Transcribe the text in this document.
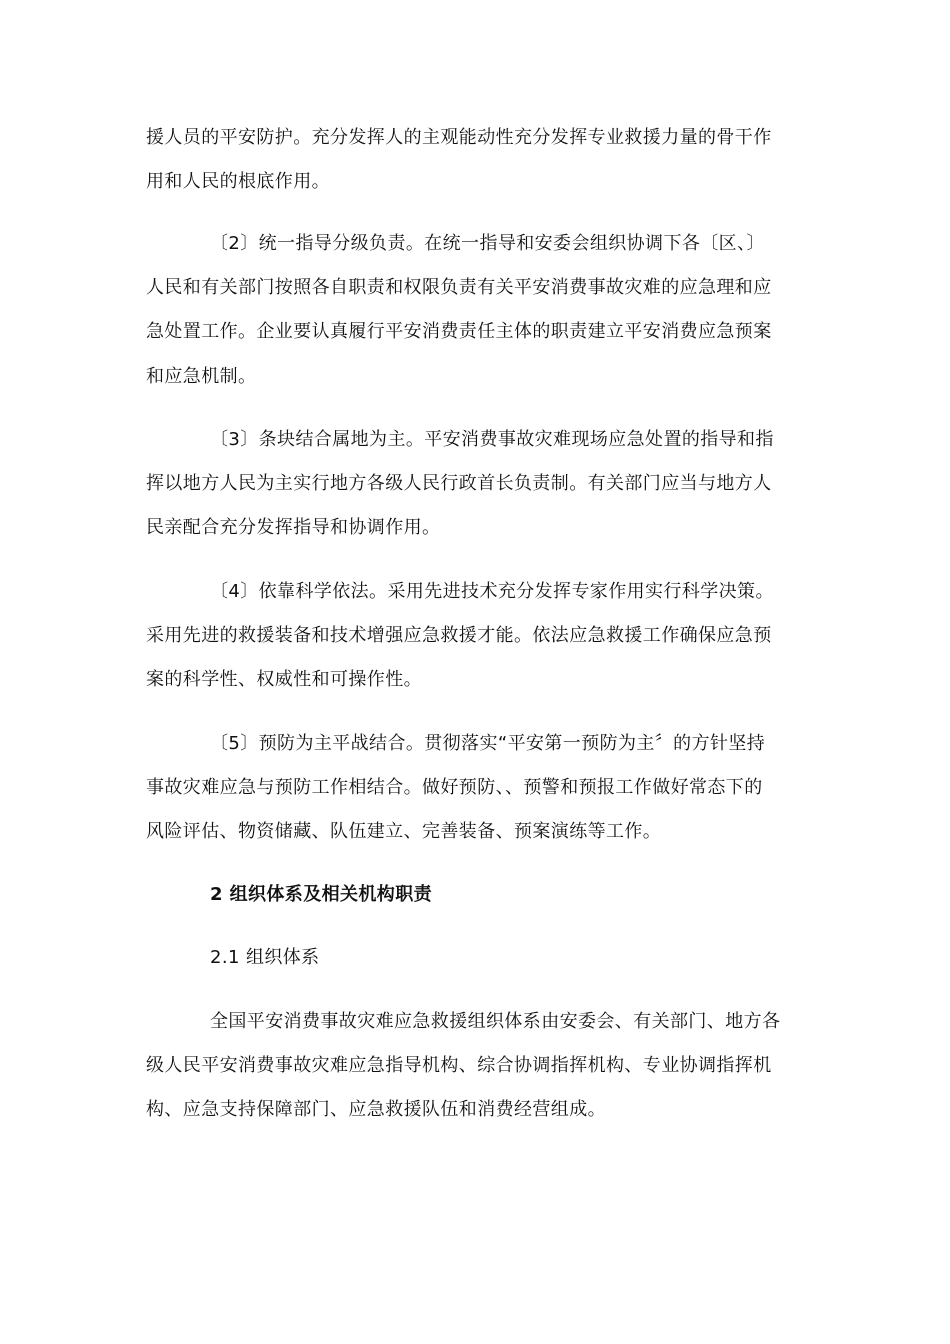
援人员的平安防护。充分发挥人的主观能动性充分发挥专业救援力量的骨干作
用和人民的根底作用。
〔2〕统一指导分级负责。在统一指导和安委会组织协调下各〔区、〕
人民和有关部门按照各自职责和权限负责有关平安消费事故灾难的应急理和应
急处置工作。企业要认真履行平安消费责任主体的职责建立平安消费应急预案
和应急机制。
〔3〕条块结合属地为主。平安消费事故灾难现场应急处置的指导和指
挥以地方人民为主实行地方各级人民行政首长负责制。有关部门应当与地方人
民亲配合充分发挥指导和协调作用。
〔4〕依靠科学依法。采用先进技术充分发挥专家作用实行科学决策。
采用先进的救援装备和技术增强应急救援才能。依法应急救援工作确保应急预
案的科学性、权威性和可操作性。
〔5〕预防为主平战结合。贯彻落实“平安第一预防为主〞的方针坚持
事故灾难应急与预防工作相结合。做好预防、、预警和预报工作做好常态下的
风险评估、物资储藏、队伍建立、完善装备、预案演练等工作。
2 组织体系及相关机构职责
2.1 组织体系
全国平安消费事故灾难应急救援组织体系由安委会、有关部门、地方各
级人民平安消费事故灾难应急指导机构、综合协调指挥机构、专业协调指挥机
构、应急支持保障部门、应急救援队伍和消费经营组成。
